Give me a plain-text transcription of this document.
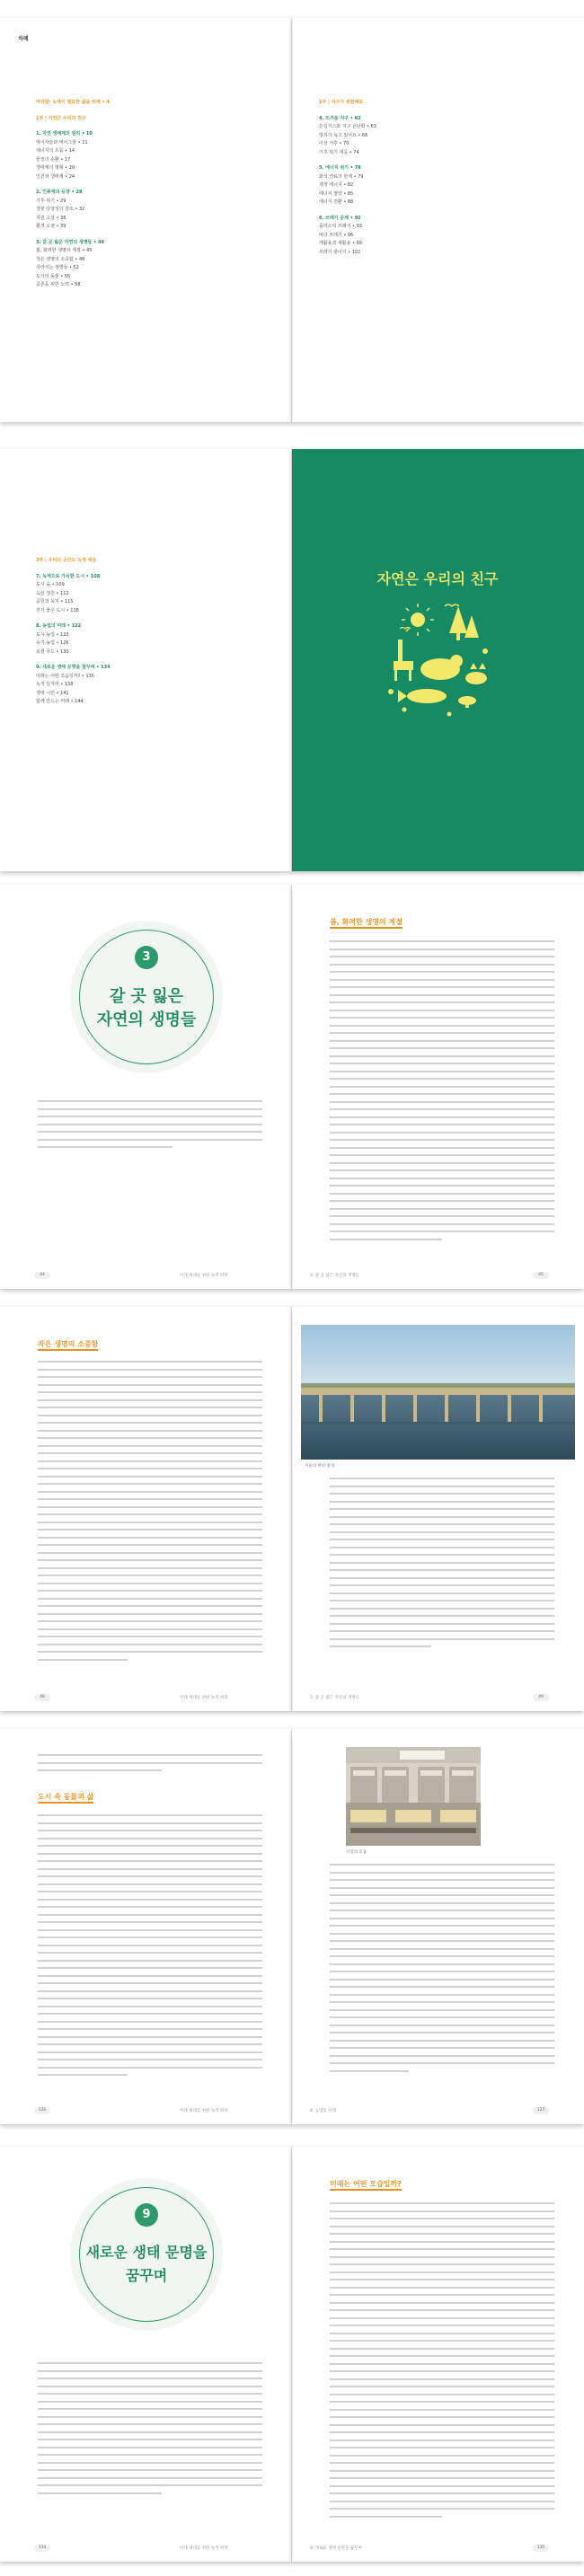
차례
머리말: 녹색이 필요한 삶을 위해 • 4
1부 | 자연은 우리의 친구
1. 자연 생태계의 원리 • 10
먹이사슬과 먹이그물 • 11
에너지의 흐름 • 14
물질의 순환 • 17
생태계의 평형 • 20
인간과 생태계 • 24
2. 인류세의 등장 • 28
기후 위기 • 29
생물 다양성의 감소 • 32
자원 고갈 • 36
환경 오염 • 39
3. 갈 곳 잃은 자연의 생명들 • 44
봄, 화려한 생명의 계절 • 45
작은 생명의 소중함 • 48
사라지는 생명들 • 52
도시의 동물 • 55
공존을 위한 노력 • 58
2부 | 지구가 위험해요
4. 뜨거운 지구 • 62
온실가스와 지구 온난화 • 63
빙하가 녹고 있어요 • 66
이상 기후 • 70
기후 위기 대응 • 74
5. 에너지 위기 • 78
화석 연료의 한계 • 79
재생 에너지 • 82
에너지 절약 • 85
에너지 전환 • 88
6. 쓰레기 문제 • 92
플라스틱 쓰레기 • 93
바다 쓰레기 • 96
재활용과 새활용 • 99
쓰레기 줄이기 • 102
3부 | 우리의 공간도 녹색 세상
7. 녹색으로 가득한 도시 • 108
도시 숲 • 109
옥상 정원 • 112
공원과 녹지 • 115
걷기 좋은 도시 • 118
8. 농업의 미래 • 122
도시 농업 • 123
유기 농업 • 126
로컬 푸드 • 130
9. 새로운 생태 문명을 꿈꾸며 • 134
미래는 어떤 모습일까? • 135
녹색 일자리 • 138
생태 시민 • 141
함께 만드는 미래 • 144
자연은 우리의 친구
1부
3
갈 곳 잃은
자연의 생명들
44	미래 세대를 위한 녹색 희망
봄, 화려한 생명의 계절
3. 갈 곳 잃은 자연의 생명들	45
작은 생명의 소중함
48	미래 세대를 위한 녹색 희망
서울의 한강 풍경
3. 갈 곳 잃은 자연의 생명들	49
도시 속 동물의 삶
126	미래 세대를 위한 녹색 희망
시장의 모습
8. 농업의 미래	127
9
새로운 생태 문명을
꿈꾸며
134	미래 세대를 위한 녹색 희망
미래는 어떤 모습일까?
9. 새로운 생태 문명을 꿈꾸며	135
